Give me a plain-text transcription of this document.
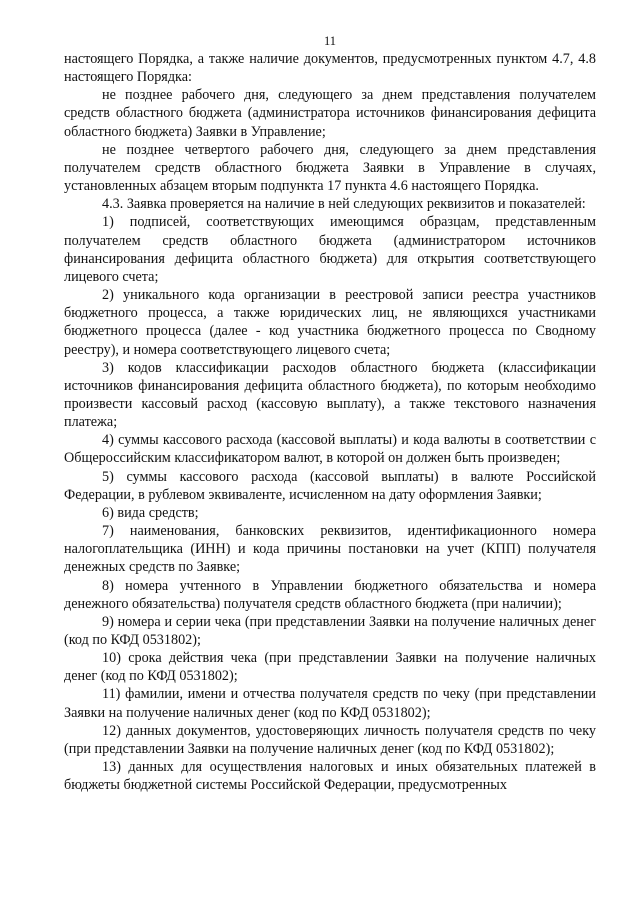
11

настоящего Порядка, а также наличие документов, предусмотренных пунктом 4.7, 4.8 настоящего Порядка:

не позднее рабочего дня, следующего за днем представления получателем средств областного бюджета (администратора источников финансирования дефицита областного бюджета) Заявки в Управление;

не позднее четвертого рабочего дня, следующего за днем представления получателем средств областного бюджета Заявки в Управление в случаях, установленных абзацем вторым подпункта 17 пункта 4.6 настоящего Порядка.

4.3. Заявка проверяется на наличие в ней следующих реквизитов и показателей:

1) подписей, соответствующих имеющимся образцам, представленным получателем средств областного бюджета (администратором источников финансирования дефицита областного бюджета) для открытия соответствующего лицевого счета;

2) уникального кода организации в реестровой записи реестра участников бюджетного процесса, а также юридических лиц, не являющихся участниками бюджетного процесса (далее - код участника бюджетного процесса по Сводному реестру), и номера соответствующего лицевого счета;

3) кодов классификации расходов областного бюджета (классификации источников финансирования дефицита областного бюджета), по которым необходимо произвести кассовый расход (кассовую выплату), а также текстового назначения платежа;

4) суммы кассового расхода (кассовой выплаты) и кода валюты в соответствии с Общероссийским классификатором валют, в которой он должен быть произведен;

5) суммы кассового расхода (кассовой выплаты) в валюте Российской Федерации, в рублевом эквиваленте, исчисленном на дату оформления Заявки;

6) вида средств;

7) наименования, банковских реквизитов, идентификационного номера налогоплательщика (ИНН) и кода причины постановки на учет (КПП) получателя денежных средств по Заявке;

8) номера учтенного в Управлении бюджетного обязательства и номера денежного обязательства) получателя средств областного бюджета (при наличии);

9) номера и серии чека (при представлении Заявки на получение наличных денег (код по КФД 0531802);

10) срока действия чека (при представлении Заявки на получение наличных денег (код по КФД 0531802);

11) фамилии, имени и отчества получателя средств по чеку (при представлении Заявки на получение наличных денег (код по КФД 0531802);

12) данных документов, удостоверяющих личность получателя средств по чеку (при представлении Заявки на получение наличных денег (код по КФД 0531802);

13) данных для осуществления налоговых и иных обязательных платежей в бюджеты бюджетной системы Российской Федерации, предусмотренных
